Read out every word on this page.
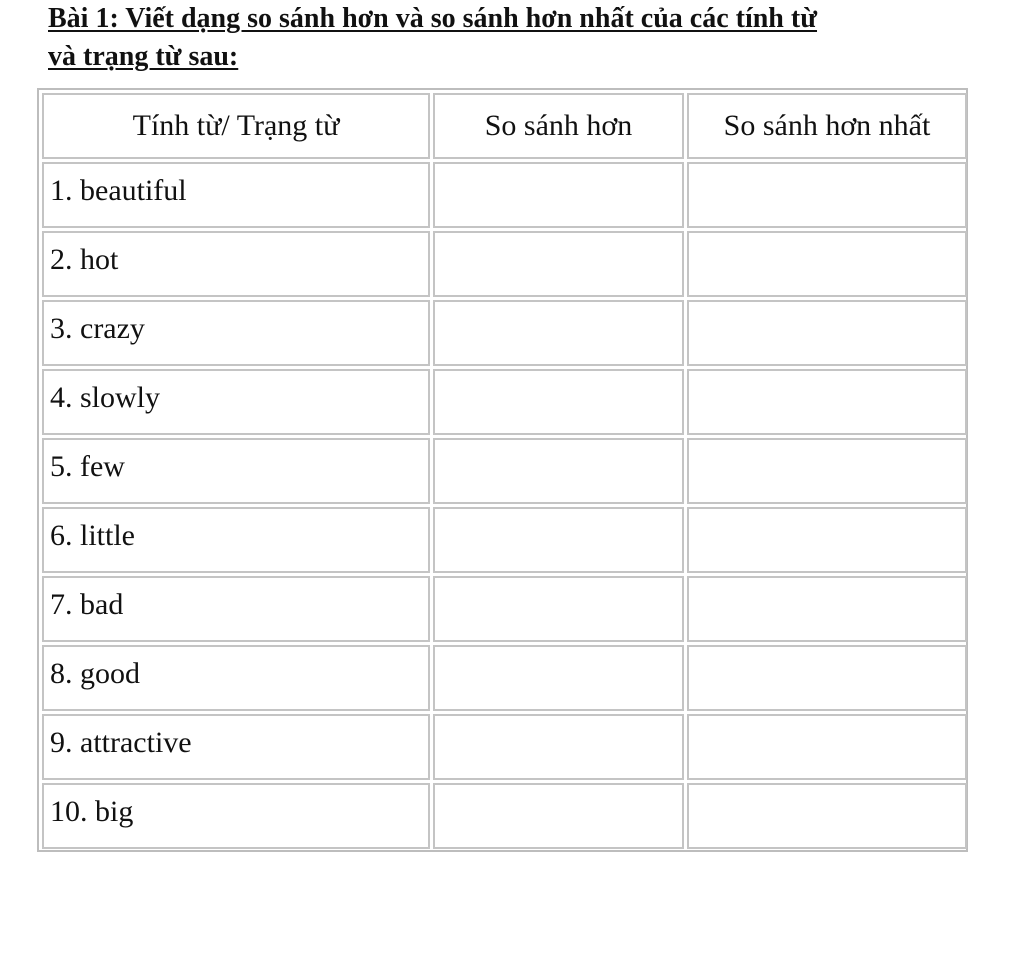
Bài 1: Viết dạng so sánh hơn và so sánh hơn nhất của các tính từ
và trạng từ sau:
Tính từ/ Trạng từ	So sánh hơn	So sánh hơn nhất
1. beautiful		
2. hot		
3. crazy		
4. slowly		
5. few		
6. little		
7. bad		
8. good		
9. attractive		
10. big		
